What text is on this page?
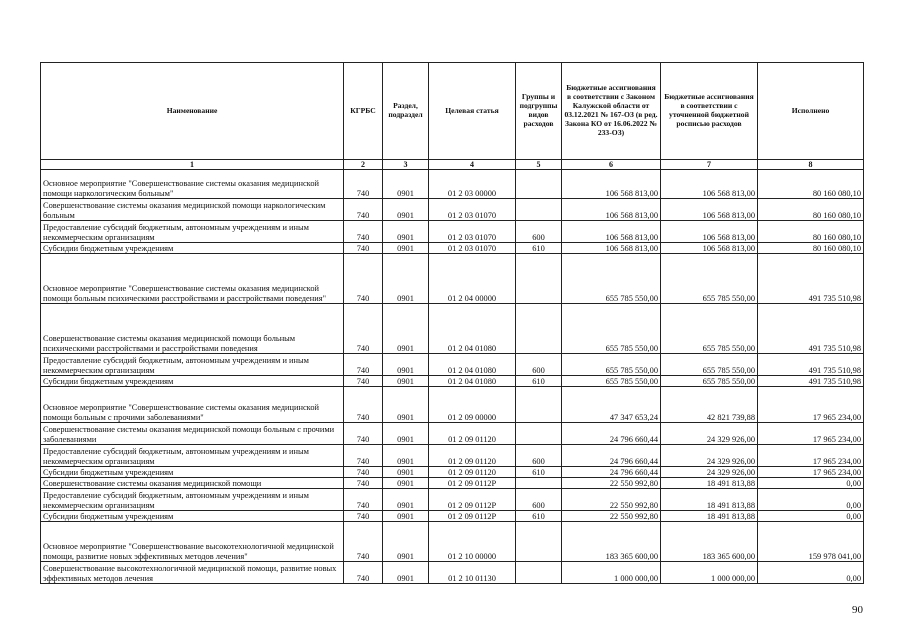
Наименование	КГРБС	Раздел, подраздел	Целевая статья	Группы и подгруппы видов расходов	Бюджетные ассигнования в соответствии с Законом Калужской области от 03.12.2021 № 167-ОЗ (в ред. Закона КО от 16.06.2022 № 233-ОЗ)	Бюджетные ассигнования в соответствии с уточненной бюджетной росписью расходов	Исполнено
1	2	3	4	5	6	7	8
Основное мероприятие "Совершенствование системы оказания медицинской помощи наркологическим больным"	740	0901	01 2 03 00000		106 568 813,00	106 568 813,00	80 160 080,10
Совершенствование системы оказания медицинской помощи наркологическим больным	740	0901	01 2 03 01070		106 568 813,00	106 568 813,00	80 160 080,10
Предоставление субсидий бюджетным, автономным учреждениям и иным некоммерческим организациям	740	0901	01 2 03 01070	600	106 568 813,00	106 568 813,00	80 160 080,10
Субсидии бюджетным учреждениям	740	0901	01 2 03 01070	610	106 568 813,00	106 568 813,00	80 160 080,10
Основное мероприятие "Совершенствование системы оказания медицинской помощи больным психическими расстройствами и расстройствами поведения"	740	0901	01 2 04 00000		655 785 550,00	655 785 550,00	491 735 510,98
Совершенствование системы оказания медицинской помощи больным психическими расстройствами и расстройствами поведения	740	0901	01 2 04 01080		655 785 550,00	655 785 550,00	491 735 510,98
Предоставление субсидий бюджетным, автономным учреждениям и иным некоммерческим организациям	740	0901	01 2 04 01080	600	655 785 550,00	655 785 550,00	491 735 510,98
Субсидии бюджетным учреждениям	740	0901	01 2 04 01080	610	655 785 550,00	655 785 550,00	491 735 510,98
Основное мероприятие "Совершенствование системы оказания медицинской помощи больным с прочими заболеваниями"	740	0901	01 2 09 00000		47 347 653,24	42 821 739,88	17 965 234,00
Совершенствование системы оказания медицинской помощи больным с прочими заболеваниями	740	0901	01 2 09 01120		24 796 660,44	24 329 926,00	17 965 234,00
Предоставление субсидий бюджетным, автономным учреждениям и иным некоммерческим организациям	740	0901	01 2 09 01120	600	24 796 660,44	24 329 926,00	17 965 234,00
Субсидии бюджетным учреждениям	740	0901	01 2 09 01120	610	24 796 660,44	24 329 926,00	17 965 234,00
Совершенствование системы оказания медицинской помощи	740	0901	01 2 09 0112Р		22 550 992,80	18 491 813,88	0,00
Предоставление субсидий бюджетным, автономным учреждениям и иным некоммерческим организациям	740	0901	01 2 09 0112Р	600	22 550 992,80	18 491 813,88	0,00
Субсидии бюджетным учреждениям	740	0901	01 2 09 0112Р	610	22 550 992,80	18 491 813,88	0,00
Основное мероприятие "Совершенствование высокотехнологичной медицинской помощи, развитие новых эффективных методов лечения"	740	0901	01 2 10 00000		183 365 600,00	183 365 600,00	159 978 041,00
Совершенствование высокотехнологичной медицинской помощи, развитие новых эффективных методов лечения	740	0901	01 2 10 01130		1 000 000,00	1 000 000,00	0,00
90
